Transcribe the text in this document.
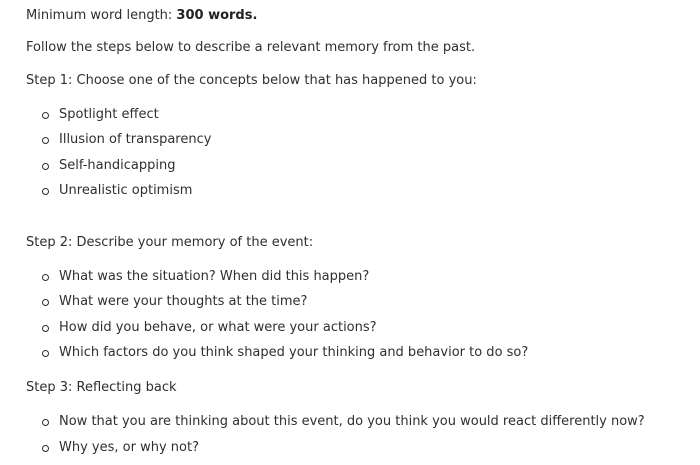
Minimum word length: 300 words.
Follow the steps below to describe a relevant memory from the past.
Step 1: Choose one of the concepts below that has happened to you:
Spotlight effect
Illusion of transparency
Self-handicapping
Unrealistic optimism
Step 2: Describe your memory of the event:
What was the situation? When did this happen?
What were your thoughts at the time?
How did you behave, or what were your actions?
Which factors do you think shaped your thinking and behavior to do so?
Step 3: Reflecting back
Now that you are thinking about this event, do you think you would react differently now?
Why yes, or why not?
